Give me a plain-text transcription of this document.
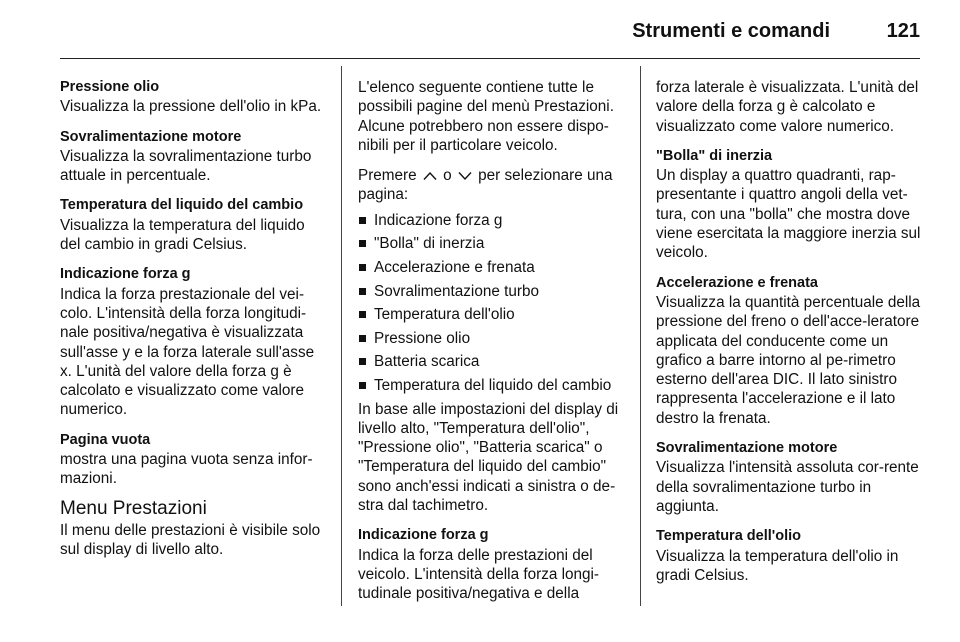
Strumenti e comandi	121
Pressione olio
Visualizza la pressione dell'olio in kPa.
Sovralimentazione motore
Visualizza la sovralimentazione turbo attuale in percentuale.
Temperatura del liquido del cambio
Visualizza la temperatura del liquido del cambio in gradi Celsius.
Indicazione forza g
Indica la forza prestazionale del vei-colo. L'intensità della forza longitudi-nale positiva/negativa è visualizzata sull'asse y e la forza laterale sull'asse x. L'unità del valore della forza g è calcolato e visualizzato come valore numerico.
Pagina vuota
mostra una pagina vuota senza infor-mazioni.
Menu Prestazioni
Il menu delle prestazioni è visibile solo sul display di livello alto.
L'elenco seguente contiene tutte le possibili pagine del menù Prestazioni. Alcune potrebbero non essere dispo-nibili per il particolare veicolo.
Premere o per selezionare una pagina:
Indicazione forza g
"Bolla" di inerzia
Accelerazione e frenata
Sovralimentazione turbo
Temperatura dell'olio
Pressione olio
Batteria scarica
Temperatura del liquido del cambio
In base alle impostazioni del display di livello alto, "Temperatura dell'olio", "Pressione olio", "Batteria scarica" o "Temperatura del liquido del cambio" sono anch'essi indicati a sinistra o de-stra dal tachimetro.
Indicazione forza g
Indica la forza delle prestazioni del veicolo. L'intensità della forza longi-tudinale positiva/negativa e della
forza laterale è visualizzata. L'unità del valore della forza g è calcolato e visualizzato come valore numerico.
"Bolla" di inerzia
Un display a quattro quadranti, rap-presentante i quattro angoli della vet-tura, con una "bolla" che mostra dove viene esercitata la maggiore inerzia sul veicolo.
Accelerazione e frenata
Visualizza la quantità percentuale della pressione del freno o dell'acce-leratore applicata del conducente come un grafico a barre intorno al pe-rimetro esterno dell'area DIC. Il lato sinistro rappresenta l'accelerazione e il lato destro la frenata.
Sovralimentazione motore
Visualizza l'intensità assoluta cor-rente della sovralimentazione turbo in aggiunta.
Temperatura dell'olio
Visualizza la temperatura dell'olio in gradi Celsius.
